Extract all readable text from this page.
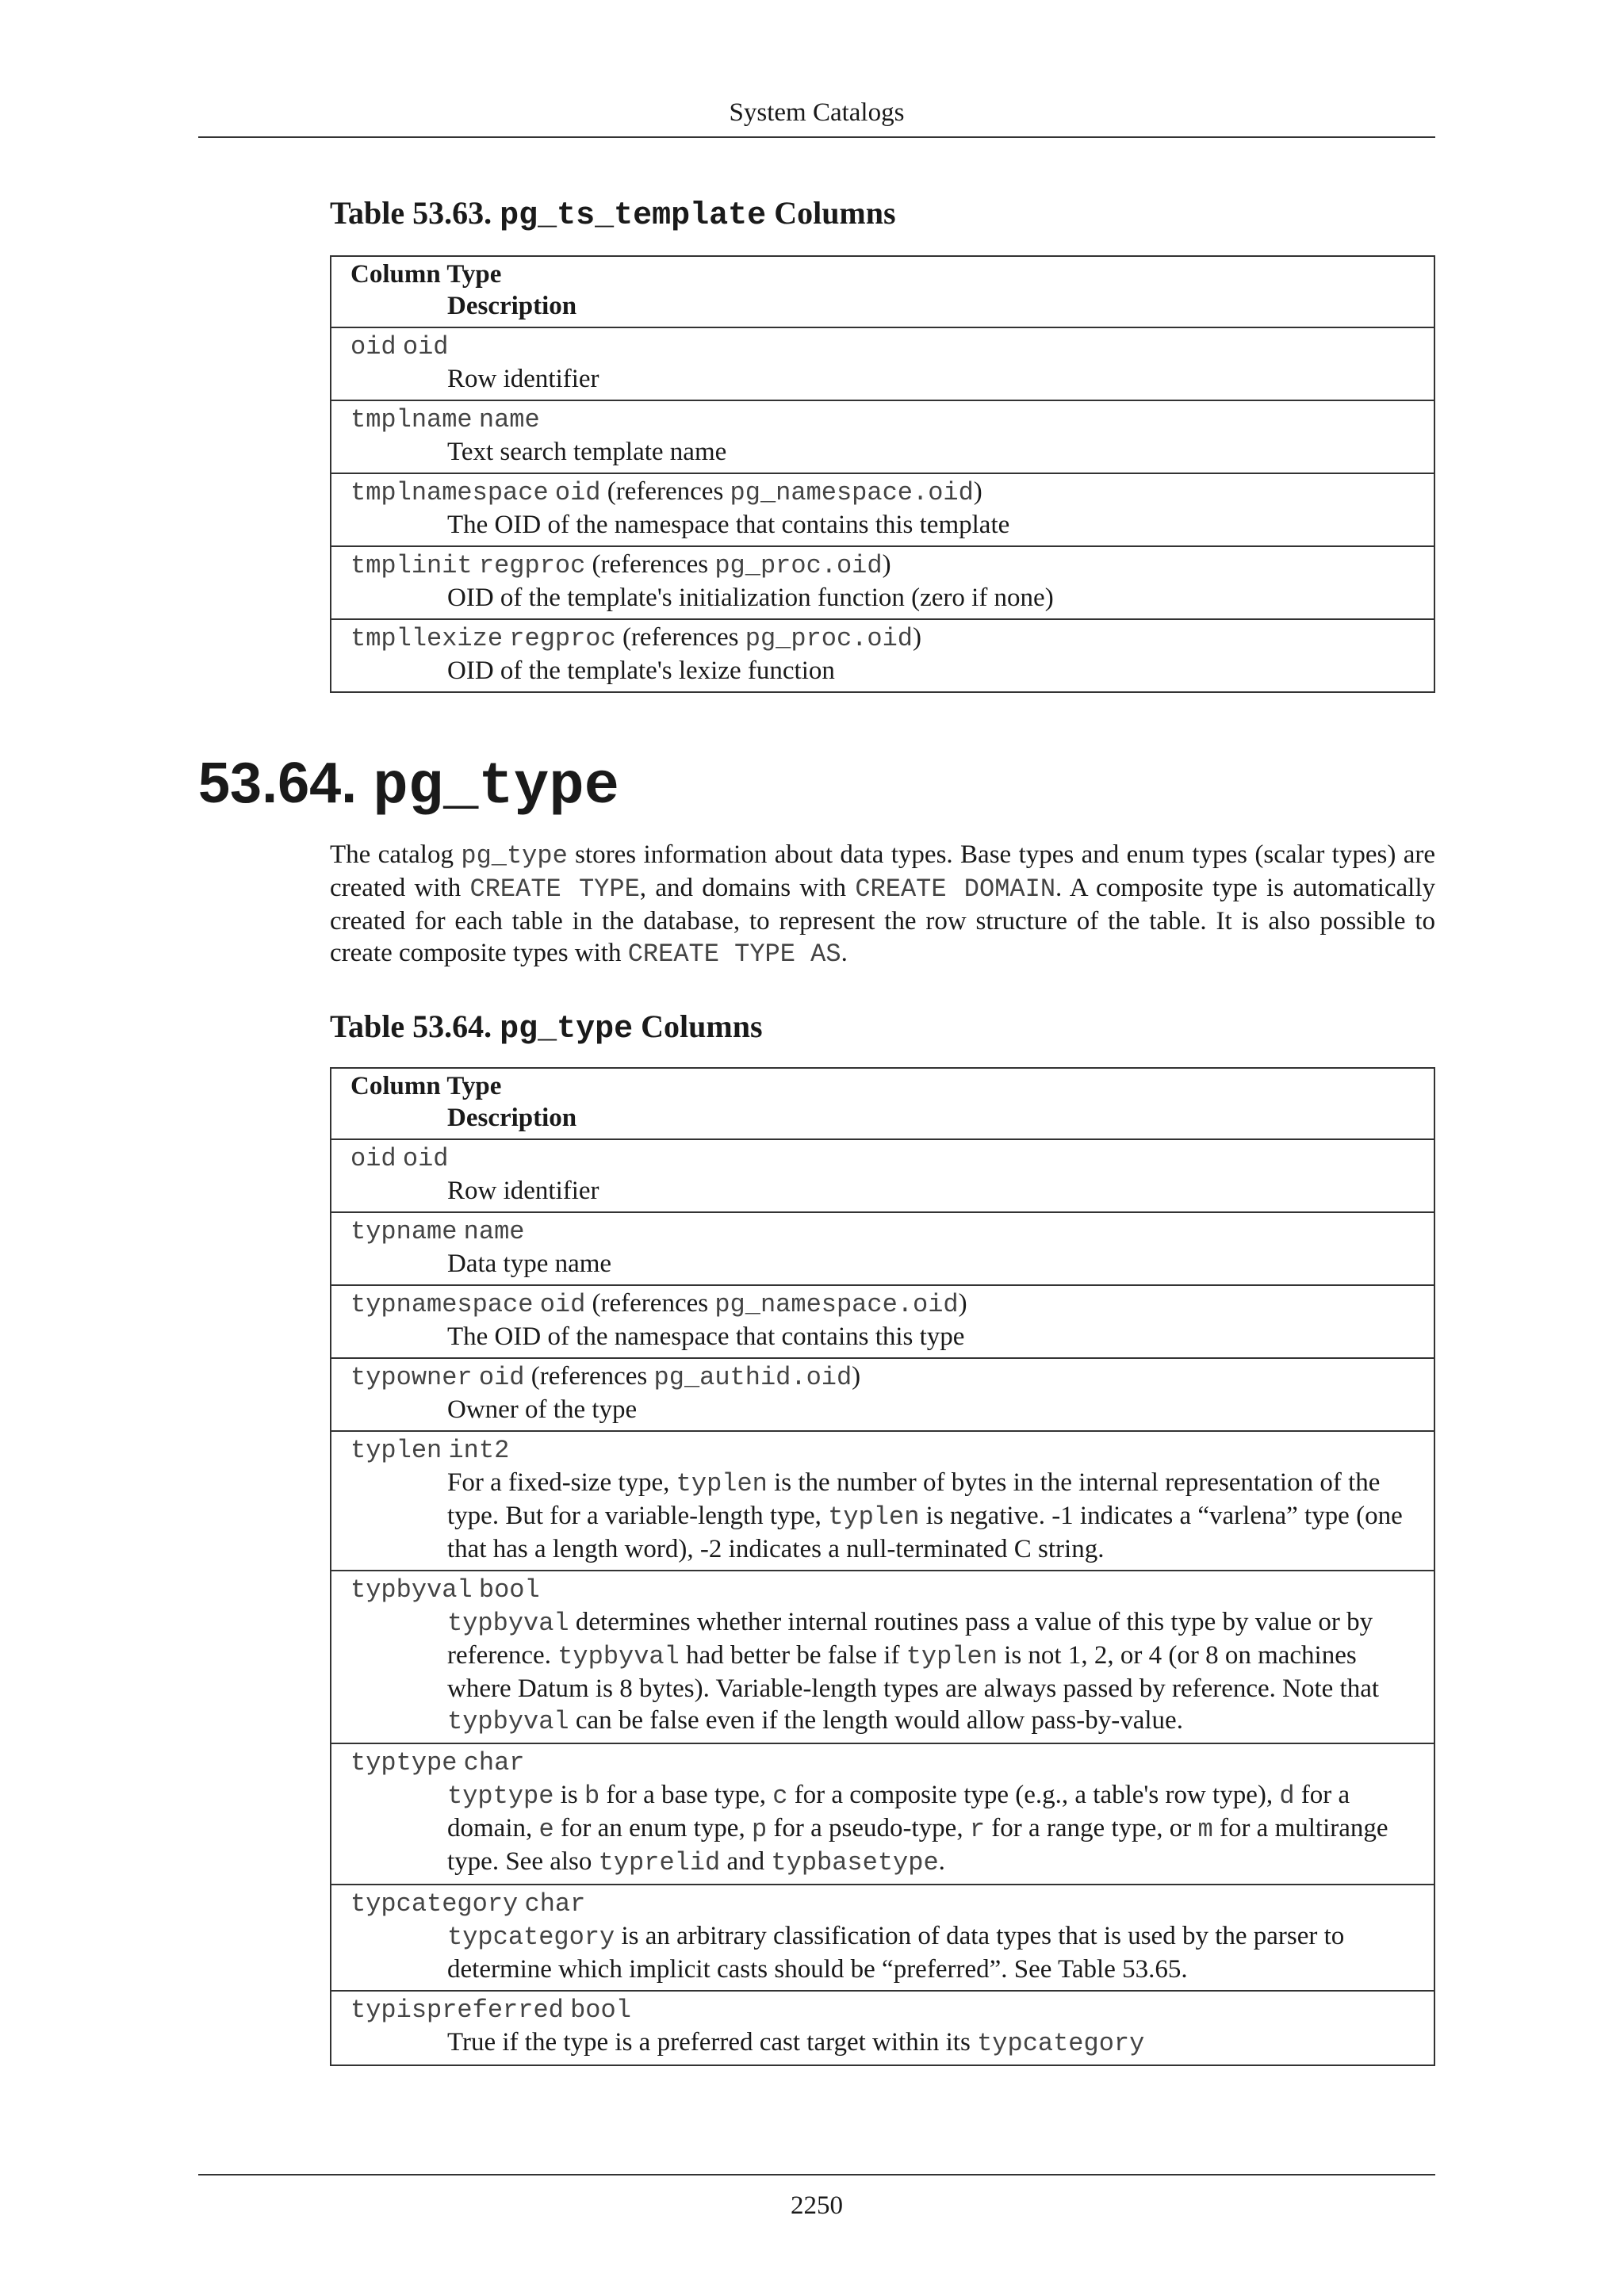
System Catalogs
Table 53.63. pg_ts_template Columns
Column Type
Description

oid oid
Row identifier

tmplname name
Text search template name

tmplnamespace oid (references pg_namespace.oid)
The OID of the namespace that contains this template

tmplinit regproc (references pg_proc.oid)
OID of the template's initialization function (zero if none)

tmpllexize regproc (references pg_proc.oid)
OID of the template's lexize function
53.64. pg_type
The catalog pg_type stores information about data types. Base types and enum types (scalar types) are created with CREATE TYPE, and domains with CREATE DOMAIN. A composite type is automatically created for each table in the database, to represent the row structure of the table. It is also possible to create composite types with CREATE TYPE AS.
Table 53.64. pg_type Columns
Column Type
Description

oid oid
Row identifier

typname name
Data type name

typnamespace oid (references pg_namespace.oid)
The OID of the namespace that contains this type

typowner oid (references pg_authid.oid)
Owner of the type

typlen int2
For a fixed-size type, typlen is the number of bytes in the internal representation of the type. But for a variable-length type, typlen is negative. -1 indicates a “varlena” type (one that has a length word), -2 indicates a null-terminated C string.

typbyval bool
typbyval determines whether internal routines pass a value of this type by value or by reference. typbyval had better be false if typlen is not 1, 2, or 4 (or 8 on machines where Datum is 8 bytes). Variable-length types are always passed by reference. Note that typbyval can be false even if the length would allow pass-by-value.

typtype char
typtype is b for a base type, c for a composite type (e.g., a table's row type), d for a domain, e for an enum type, p for a pseudo-type, r for a range type, or m for a multirange type. See also typrelid and typbasetype.

typcategory char
typcategory is an arbitrary classification of data types that is used by the parser to determine which implicit casts should be “preferred”. See Table 53.65.

typispreferred bool
True if the type is a preferred cast target within its typcategory
2250
